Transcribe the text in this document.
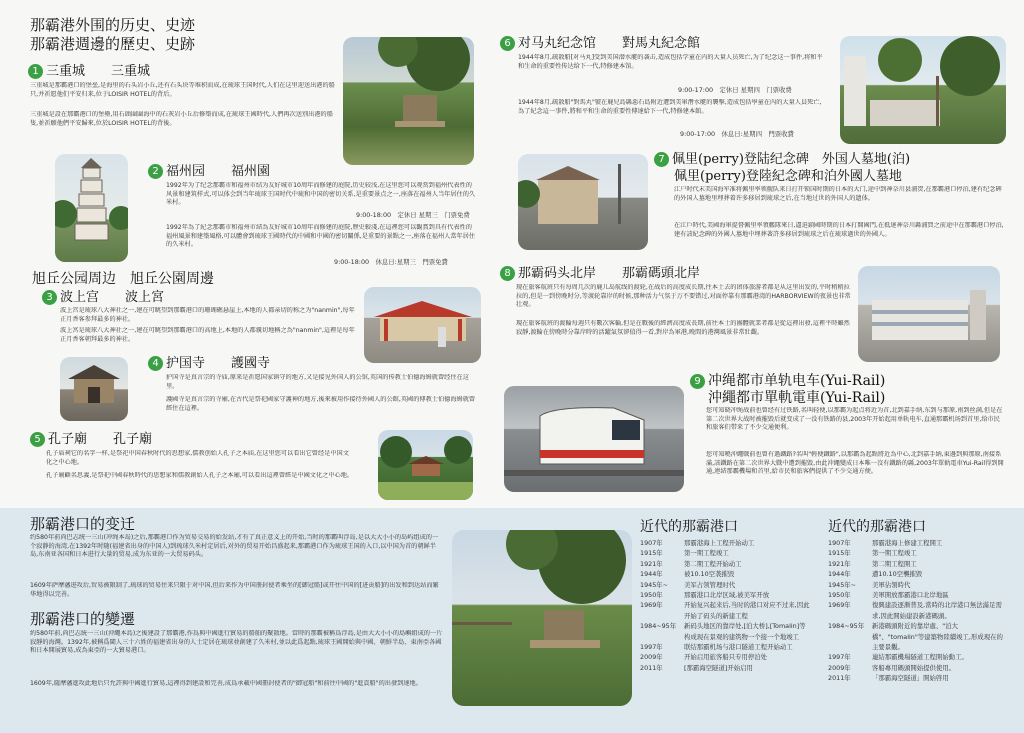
那霸港外围的历史、史迹
那霸港週邊的歷史、史跡
1 三重城　　三重城
三重城是那霸港口的堡垒,是海里的石头岩小丘,还有石头块等堆积而成,在琉球王国时代,人们在这里迎送出港的船只,并祈愿他们平安归来,位于LOISIR HOTEL的背后。
三重城是設在那霸港口的堡壘,用石頭圍圍海中的石灰岩小丘后修築而成,在琉球王國時代,人們再次送別出港的船隻,並祈願他們平安歸來,位於LOISIR HOTEL的背後。
2 福州园　　福州園
1992年为了纪念那霸市和福州市结为友好城市10周年而修建的庭院,历史较浅,在这里您可以观赏到福州代表性的风景和建筑样式,可以体会到当年琉球王国时代中琉和中国的密切关系,是重要景点之一,座落在福州人当年居住的久米村。
9:00-18:00　定休日 星期三　门票免费
1992年為了紀念那霸市和福州市結為友好城市10周年而修建的庭院,歷史較淺,在這裡您可以觀賞到具有代表性的福州風景和建築風格,可以體會到琉球王國時代的中國和中國的密切關係,是重要的景點之一,座落在福州人當年居住的久米村。
9:00-18:00　休息日:星期三　門票免費
旭丘公园周边　 旭丘公園周邊
3 波上宫　　波上宮
波上宫是琉球八大神社之一,建在可眺望到那霸港口的珊瑚礁悬崖上,本地的人都亲切的称之为"nanmin",每年正月香客参拜最多的神社。
波上宮是琉球八大神社之一,建在可眺望到那霸港口的高地上,本地的人都親切地稱之為"nanmin",這裡是每年正月香客朝拜最多的神社。
4 护国寺　　護國寺
护国寺是真言宗的寺庙,原来是祈愿国家镇守的地方,又是接见外国人的公馆,英国的传教士伯德海姆就曾经住在这里。
護國寺是真言宗的寺廟,在古代是祭祀國家守護神的地方,後來被用作接待外國人的公館,英國的傳教士伯德海姆就曾經住在這裡。
5 孔子廟　　孔子廟
孔子庙祠它的名字一样,是祭祀中国春秋时代的思想家,儒教创始人孔子之本庙,在这里您可以看出它曾经是中国文化之中心地。
孔子廟顧名思義,是祭祀中國春秋時代的思想家和儒教創始人孔子之本廟,可以看出這裡曾經是中國文化之中心地。
6 对马丸纪念馆　　對馬丸紀念館
1944年8月,疏散船[对马丸]受到美国潜水艇的袭击,造成包括学童在内的大量人员死亡,为了纪念这一事件,将和平和生命的重要性传达给下一代,特修建本馆。
9:00-17:00　定休日 星期四　门票收费
1944年8月,疏散船"對馬丸"號在鹿兒島縣惡石島附近遭到美軍潛水艇的襲擊,造成包括學童在內的大量人員死亡,為了紀念這一事件,將和平和生命的重要性傳達給下一代,特修建本館。
9:00-17:00　休息日:星期四　門票收費
7 佩里(perry)登陆纪念碑　外国人墓地(泊)
佩里(perry)登陸紀念碑和泊外國人墓地
江户时代末美国海军准将佩里率领舰队来日打开锁国时期的日本的大门,途中到神奈川县浦贺,在那霸港口停泊,建有纪念碑的外国人墓地里埋葬着许多移居到琉球之后,在当地过世的外国人的遗体。
在江戶時代,美國海軍提督佩里率領艦隊來日,逼迫鎖國時期的日本打開國門,在抵達神奈川縣浦賀之前途中在那霸港口停泊,建有該紀念碑的外國人墓地中埋葬著許多移居到琉球之后在琉球過世的外國人。
8 那霸码头北岸　　那霸碼頭北岸
现在旅客航班只有每周几次的鹿儿岛航线的渡轮,在战后的高度成长期,往本土去的团体旅游者都是从这里出发的,平时稍稍拉拉的,但是一到傍晚时分,等渡轮靠岸的时候,那种活力气氛于万不要错过,对面停靠有那霸港湾的HARBORVIEW的夜景也非常壮观。
現在旅客航班的渡輪每週只有數次客輪,但是在戰後的經濟高度成長期,前往本土的團體就業者都是從這裡出發,這裡平時雖然寂靜,渡輪在傍晚時分靠岸時的活躍氣氛卻值得一看,對岸為軍港,晚間的港灣風景非常壯觀。
9 冲绳都市单轨电车(Yui-Rail)
沖繩都市單軌電車(Yui-Rail)
您可知晓冲绳战前也曾经有过铁路,名叫轻便,以那霸为起点将近为首,北到嘉手纳,东到与那原,南到丝满,但是在第二次世界大战时被摧毁后就变成了一没有铁路的县,2003年开始起用单轨电车,直通那霸机场到首里,给市民和旅客们带来了不少交通便利。
您可知曉沖繩戰前也曾有過鐵路?名叫"輕便鐵路",以那霸為起點將近為中心,北到嘉手納,東邊到與那原,南接系滿,該鐵路在第二次世界大戰中遭到摧毀,由此沖繩變成日本唯一沒有鐵路的縣,2003年單軌電車Yui-Rail得到開通,連結那霸機場和首里,給市民和旅客們提供了不少交通方便。
那霸港口的变迁
约580年前尚巴志统一三山(冲绳本岛)之后,那霸港口作为贸易交易的始发站,才有了真正意义上的开始,当时的那霸叫浮岛,是以大大小小的岛屿组成的一个寂静的海湾,在1392年时随(福建省出身的中国人)到琉球久米村定居后,对外的贸易开始昌盛起来,那霸港口作为琉球王国的入口,以中国为首的朝鲜半岛,东南亚各国和日本进行大量的贸易,成为东亚的一大贸易码头。
1609年萨摩藩进攻后,贸易被限制了,琉球的贸易往来只限于对中国,但后来作为中国册封使者乘坐的[御冠船]或开往中国的[进贡船]的出发和到达站而繁华地得以完善。
那霸港口的變遷
約580年前,尚巴志統一三山(沖繩本島)之後建設了那霸港,作爲與中國進行貿易的船舶的聚散地。當時的那霸被稱爲浮島,是由大大小小的島嶼組成的一片寂靜的海灣。1392年,被稱爲閩人三十六姓的福建省出身的人士定居在琉球並創建了久米村,並以此爲起點,琉球王國開始與中國、朝鮮半島、東南亞各國和日本開展貿易,成為東亞的一大貿易港口。
1609年,薩摩藩進攻此地后只允許與中國進行貿易,這裡得到建設和完善,成爲承載中國冊封使者的"御冠船"和前往中國的"進貢船"的出發到達地。
近代的那霸港口
1907年	那霸港海上工程开始动工
1915年	第一期工程竣工
1921年	第二期工程开始动工
1944年	被10.10空袭摧毁
1945年~	美军占领管理时代
1950年	那霸港口北岸区域,被美军开放
1969年	开始复兴起来后,当时的港口对应不过来,因此开始了码头的新建工程
1984~95年	新码头地区的靠岸处,[泊大桥],[Tomalin]等构成现在景观的建筑物一个接一个地竣工
1997年	联结那霸机场与港口隧道工程开始动工
2009年	开始启用旅客船只专用停泊处
2011年	[那霸海空隧道]开始启用
近代的那霸港口
1907年	那霸港海上修建工程開工
1915年	第一期工程竣工
1921年	第二期工程開工
1944年	遭10.10空襲摧毀
1945年~	美軍佔領時代
1950年	美軍開放那霸港口北岸地區
1969年	復興建設逐漸普及,當時的北岸港口無法滿足需求,因此開始建設新港碼頭。
1984~95年	新港碼頭附近的靠岸處、"泊大橋"、"tomalin"等建築物陸續竣工,形成現在的主要景觀。
1997年	連結那霸機場隧道工程開始動工。
2009年	客船專用碼頭開始提供使用。
2011年	「那霸海空隧道」開始啓用
